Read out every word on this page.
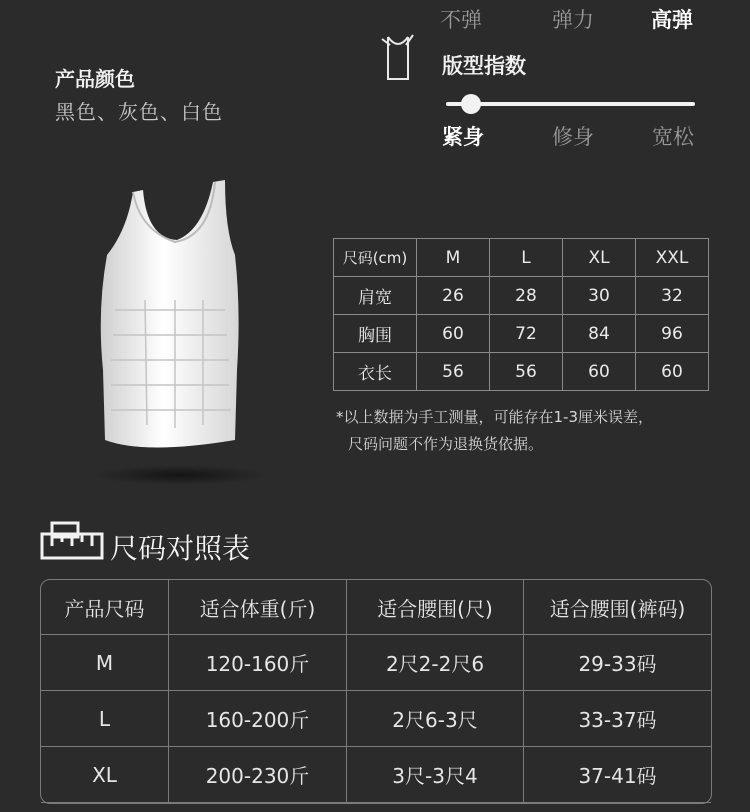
不弹	弹力	高弹
产品颜色
黑色、灰色、白色
版型指数
紧身	修身	宽松
尺码(cm)	M	L	XL	XXL
肩宽	26	28	30	32
胸围	60	72	84	96
衣长	56	56	60	60
*以上数据为手工测量，可能存在1-3厘米误差，
尺码问题不作为退换货依据。
尺码对照表
产品尺码	适合体重(斤)	适合腰围(尺)	适合腰围(裤码)
M	120-160斤	2尺2-2尺6	29-33码
L	160-200斤	2尺6-3尺	33-37码
XL	200-230斤	3尺-3尺4	37-41码
